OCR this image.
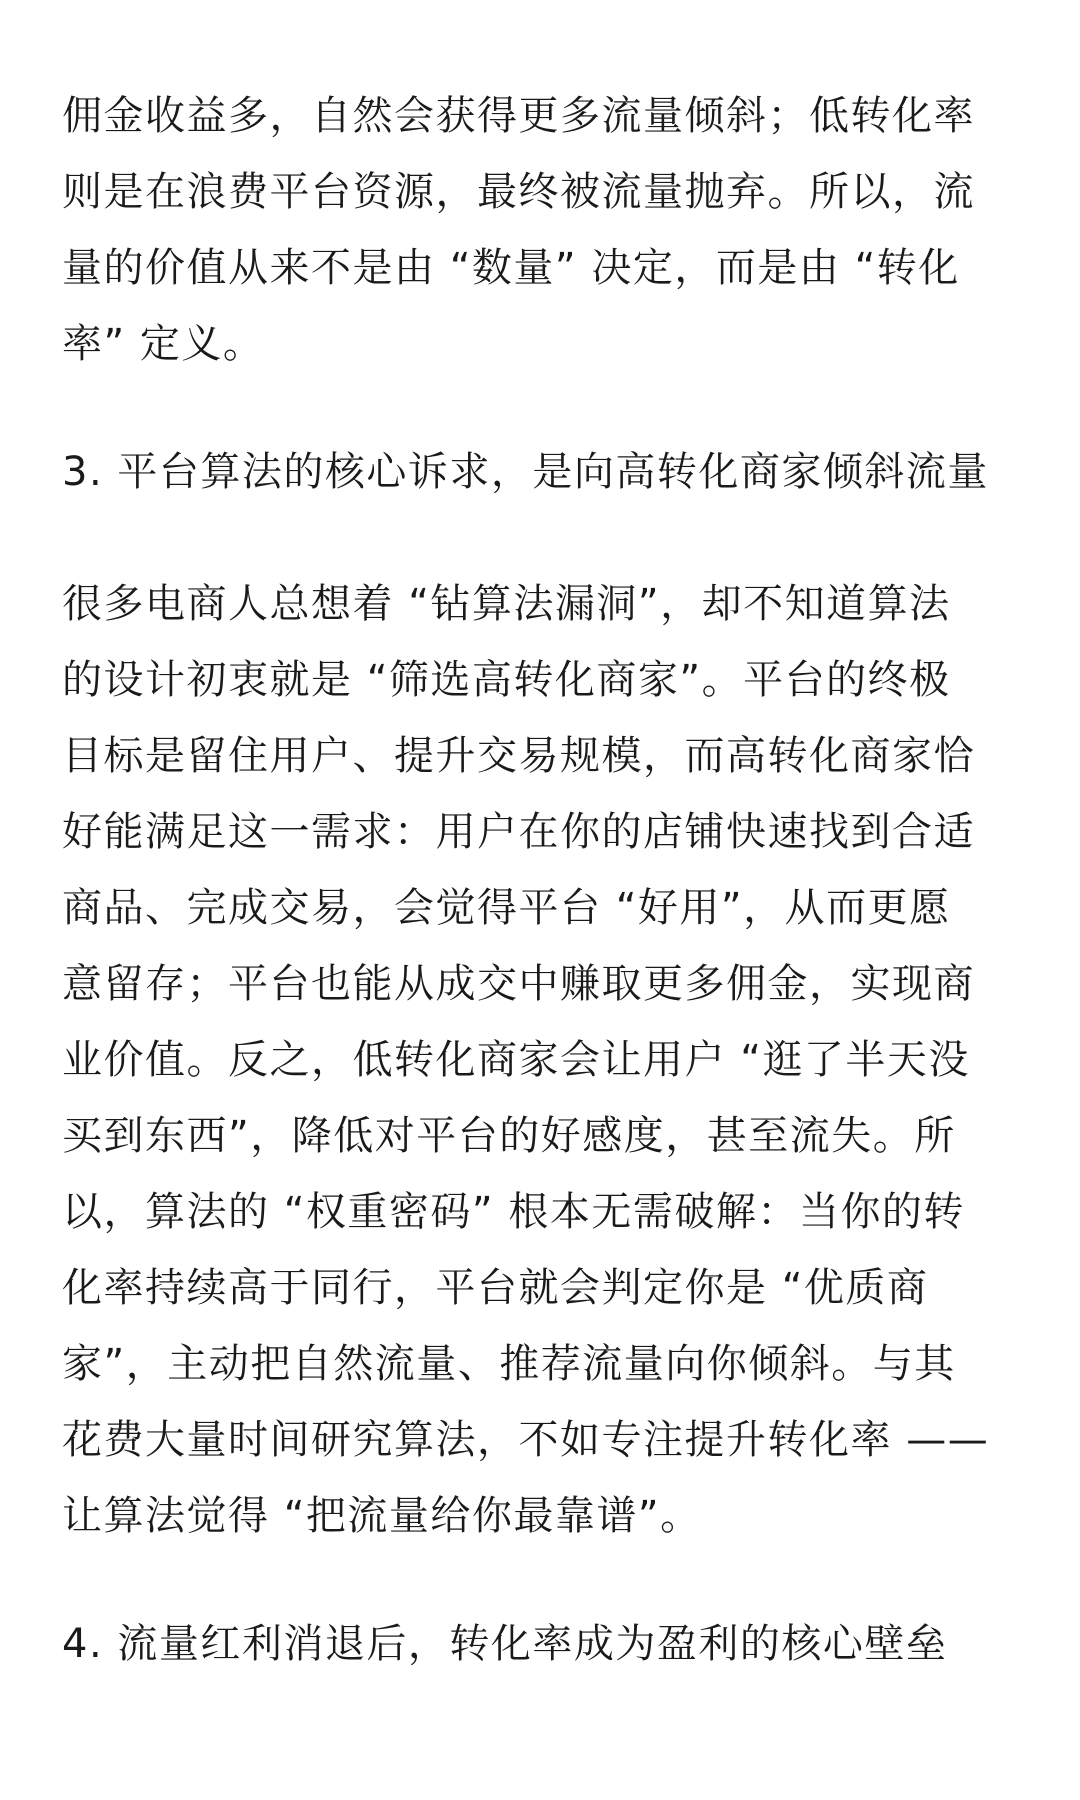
佣金收益多，自然会获得更多流量倾斜；低转化率
则是在浪费平台资源，最终被流量抛弃。所以，流
量的价值从来不是由 “数量” 决定，而是由 “转化
率” 定义。

3. 平台算法的核心诉求，是向高转化商家倾斜流量

很多电商人总想着 “钻算法漏洞”，却不知道算法
的设计初衷就是 “筛选高转化商家”。平台的终极
目标是留住用户、提升交易规模，而高转化商家恰
好能满足这一需求：用户在你的店铺快速找到合适
商品、完成交易，会觉得平台 “好用”，从而更愿
意留存；平台也能从成交中赚取更多佣金，实现商
业价值。反之，低转化商家会让用户 “逛了半天没
买到东西”，降低对平台的好感度，甚至流失。所
以，算法的 “权重密码” 根本无需破解：当你的转
化率持续高于同行，平台就会判定你是 “优质商
家”，主动把自然流量、推荐流量向你倾斜。与其
花费大量时间研究算法，不如专注提升转化率 ——
让算法觉得 “把流量给你最靠谱”。

4. 流量红利消退后，转化率成为盈利的核心壁垒
